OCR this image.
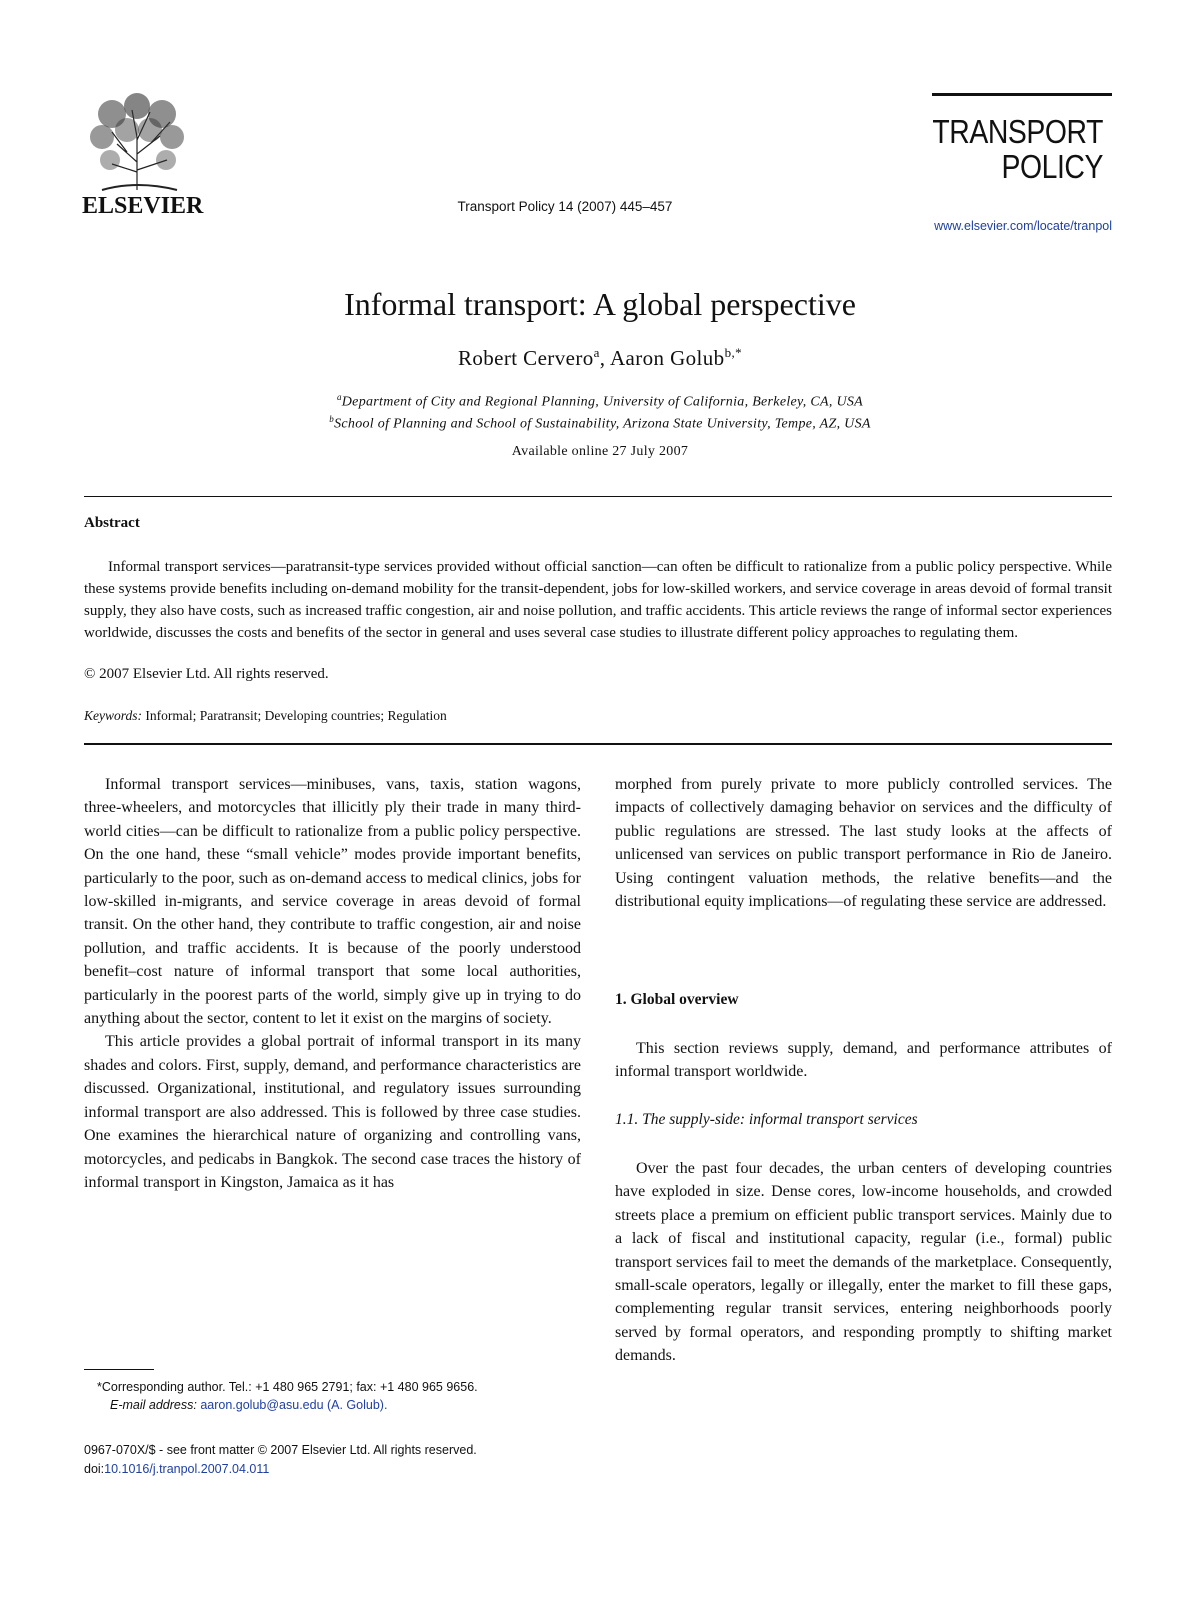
ELSEVIER	Transport Policy 14 (2007) 445–457
TRANSPORT
POLICY
www.elsevier.com/locate/tranpol
Informal transport: A global perspective
Robert Cervero$^a$, Aaron Golub$^{b,*}$
$^a$Department of City and Regional Planning, University of California, Berkeley, CA, USA
$^b$School of Planning and School of Sustainability, Arizona State University, Tempe, AZ, USA
Available online 27 July 2007
Abstract
Informal transport services—paratransit-type services provided without official sanction—can often be difficult to rationalize from a public policy perspective. While these systems provide benefits including on-demand mobility for the transit-dependent, jobs for low-skilled workers, and service coverage in areas devoid of formal transit supply, they also have costs, such as increased traffic congestion, air and noise pollution, and traffic accidents. This article reviews the range of informal sector experiences worldwide, discusses the costs and benefits of the sector in general and uses several case studies to illustrate different policy approaches to regulating them.
© 2007 Elsevier Ltd. All rights reserved.
Keywords: Informal; Paratransit; Developing countries; Regulation

Informal transport services—minibuses, vans, taxis, station wagons, three-wheelers, and motorcycles that illicitly ply their trade in many third-world cities—can be difficult to rationalize from a public policy perspective. On the one hand, these “small vehicle” modes provide important benefits, particularly to the poor, such as on-demand access to medical clinics, jobs for low-skilled in-migrants, and service coverage in areas devoid of formal transit. On the other hand, they contribute to traffic congestion, air and noise pollution, and traffic accidents. It is because of the poorly understood benefit–cost nature of informal transport that some local authorities, particularly in the poorest parts of the world, simply give up in trying to do anything about the sector, content to let it exist on the margins of society.

This article provides a global portrait of informal transport in its many shades and colors. First, supply, demand, and performance characteristics are discussed. Organizational, institutional, and regulatory issues surrounding informal transport are also addressed. This is followed by three case studies. One examines the hierarchical nature of organizing and controlling vans, motorcycles, and pedicabs in Bangkok. The second case traces the history of informal transport in Kingston, Jamaica as it has

morphed from purely private to more publicly controlled services. The impacts of collectively damaging behavior on services and the difficulty of public regulations are stressed. The last study looks at the affects of unlicensed van services on public transport performance in Rio de Janeiro. Using contingent valuation methods, the relative benefits—and the distributional equity implications—of regulating these service are addressed.

1. Global overview

This section reviews supply, demand, and performance attributes of informal transport worldwide.

1.1. The supply-side: informal transport services

Over the past four decades, the urban centers of developing countries have exploded in size. Dense cores, low-income households, and crowded streets place a premium on efficient public transport services. Mainly due to a lack of fiscal and institutional capacity, regular (i.e., formal) public transport services fail to meet the demands of the marketplace. Consequently, small-scale operators, legally or illegally, enter the market to fill these gaps, complementing regular transit services, entering neighborhoods poorly served by formal operators, and responding promptly to shifting market demands.

*Corresponding author. Tel.: +1 480 965 2791; fax: +1 480 965 9656.
E-mail address: aaron.golub@asu.edu (A. Golub).
0967-070X/$ - see front matter © 2007 Elsevier Ltd. All rights reserved.
doi:10.1016/j.tranpol.2007.04.011
